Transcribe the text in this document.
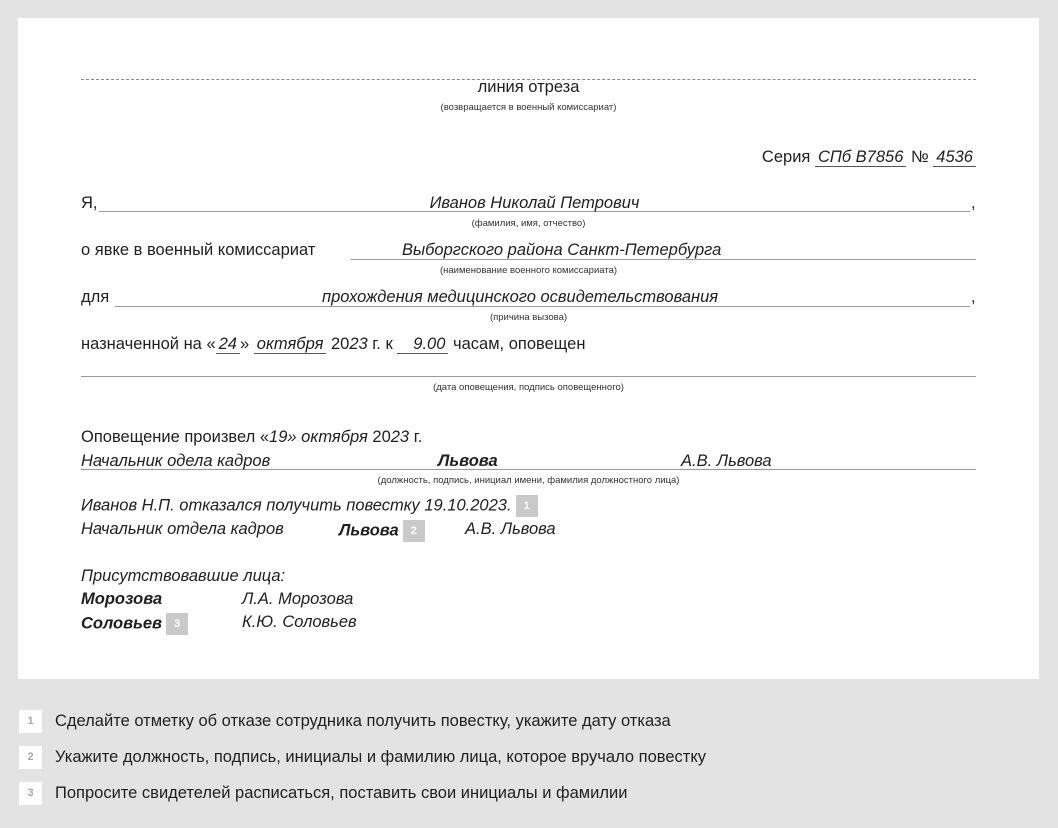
линия отреза
(возвращается в военный комиссариат)
Серия СПб В7856 № 4536
Я,	Иванов Николай Петрович	,
(фамилия, имя, отчество)
о явке в военный комиссариат	Выборгского района Санкт-Петербурга
(наименование военного комиссариата)
для	прохождения медицинского освидетельствования	,
(причина вызова)
назначенной на « 24 » октября 2023 г. к 9.00 часам, оповещен
(дата оповещения, подпись оповещенного)
Оповещение произвел «19» октября 2023 г.
Начальник одела кадров	Львова	А.В. Львова
(должность, подпись, инициал имени, фамилия должностного лица)
Иванов Н.П. отказался получить повестку 19.10.2023. 1
Начальник отдела кадров	Львова 2	А.В. Львова
Присутствовавшие лица:
Морозова	Л.А. Морозова
Соловьев 3	К.Ю. Соловьев
1	Сделайте отметку об отказе сотрудника получить повестку, укажите дату отказа
2	Укажите должность, подпись, инициалы и фамилию лица, которое вручало повестку
3	Попросите свидетелей расписаться, поставить свои инициалы и фамилии
